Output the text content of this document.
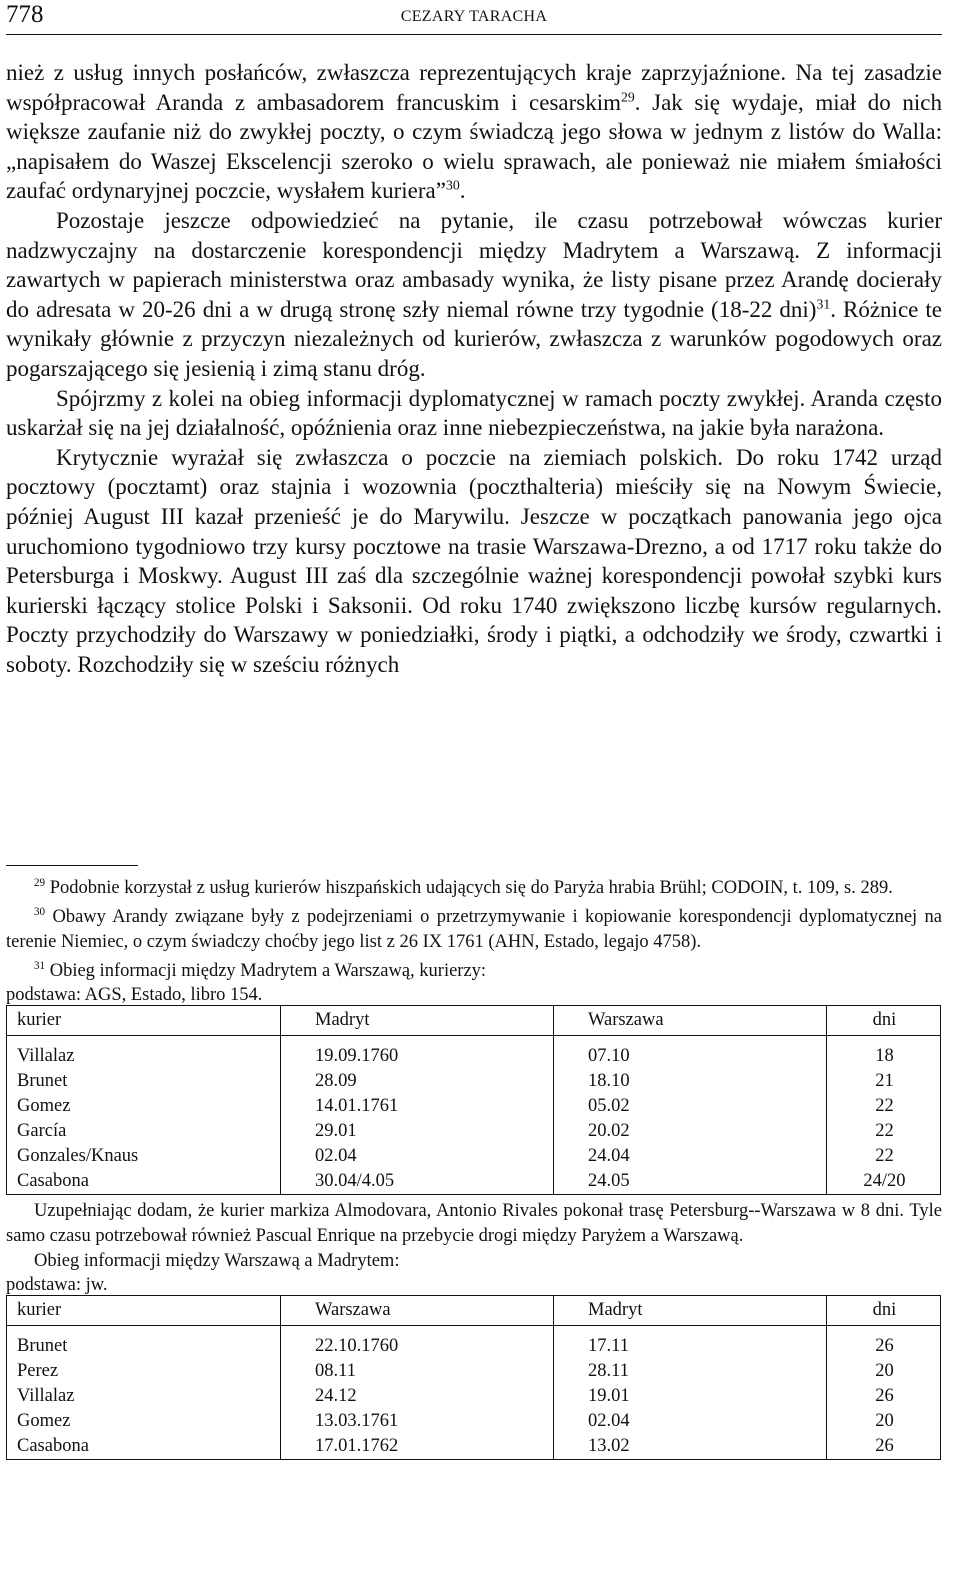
778	CEZARY TARACHA

nież z usług innych posłańców, zwłaszcza reprezentujących kraje zaprzyjaźnione. Na tej zasadzie współpracował Aranda z ambasadorem francuskim i cesarskim$^{29}$. Jak się wydaje, miał do nich większe zaufanie niż do zwykłej poczty, o czym świadczą jego słowa w jednym z listów do Walla: „napisałem do Waszej Ekscelencji szeroko o wielu sprawach, ale ponieważ nie miałem śmiałości zaufać ordynaryjnej poczcie, wysłałem kuriera”$^{30}$.

Pozostaje jeszcze odpowiedzieć na pytanie, ile czasu potrzebował wówczas kurier nadzwyczajny na dostarczenie korespondencji między Madrytem a Warszawą. Z informacji zawartych w papierach ministerstwa oraz ambasady wynika, że listy pisane przez Arandę docierały do adresata w 20-26 dni a w drugą stronę szły niemal równe trzy tygodnie (18-22 dni)$^{31}$. Różnice te wynikały głównie z przyczyn niezależnych od kurierów, zwłaszcza z warunków pogodowych oraz pogarszającego się jesienią i zimą stanu dróg.

Spójrzmy z kolei na obieg informacji dyplomatycznej w ramach poczty zwykłej. Aranda często uskarżał się na jej działalność, opóźnienia oraz inne niebezpieczeństwa, na jakie była narażona.

Krytycznie wyrażał się zwłaszcza o poczcie na ziemiach polskich. Do roku 1742 urząd pocztowy (pocztamt) oraz stajnia i wozownia (poczthalteria) mieściły się na Nowym Świecie, później August III kazał przenieść je do Marywilu. Jeszcze w początkach panowania jego ojca uruchomiono tygodniowo trzy kursy pocztowe na trasie Warszawa-Drezno, a od 1717 roku także do Petersburga i Moskwy. August III zaś dla szczególnie ważnej korespondencji powołał szybki kurs kurierski łączący stolice Polski i Saksonii. Od roku 1740 zwiększono liczbę kursów regularnych. Poczty przychodziły do Warszawy w poniedziałki, środy i piątki, a odchodziły we środy, czwartki i soboty. Rozchodziły się w sześciu różnych

$^{29}$ Podobnie korzystał z usług kurierów hiszpańskich udających się do Paryża hrabia Brühl; CODOIN, t. 109, s. 289.

$^{30}$ Obawy Arandy związane były z podejrzeniami o przetrzymywanie i kopiowanie korespondencji dyplomatycznej na terenie Niemiec, o czym świadczy choćby jego list z 26 IX 1761 (AHN, Estado, legajo 4758).

$^{31}$ Obieg informacji między Madrytem a Warszawą, kurierzy:

podstawa: AGS, Estado, libro 154.

kurier	Madryt	Warszawa	dni
Villalaz	19.09.1760	07.10	18
Brunet	28.09	18.10	21
Gomez	14.01.1761	05.02	22
García	29.01	20.02	22
Gonzales/Knaus	02.04	24.04	22
Casabona	30.04/4.05	24.05	24/20

Uzupełniając dodam, że kurier markiza Almodovara, Antonio Rivales pokonał trasę Petersburg--Warszawa w 8 dni. Tyle samo czasu potrzebował również Pascual Enrique na przebycie drogi między Paryżem a Warszawą.

Obieg informacji między Warszawą a Madrytem:

podstawa: jw.

kurier	Warszawa	Madryt	dni
Brunet	22.10.1760	17.11	26
Perez	08.11	28.11	20
Villalaz	24.12	19.01	26
Gomez	13.03.1761	02.04	20
Casabona	17.01.1762	13.02	26
